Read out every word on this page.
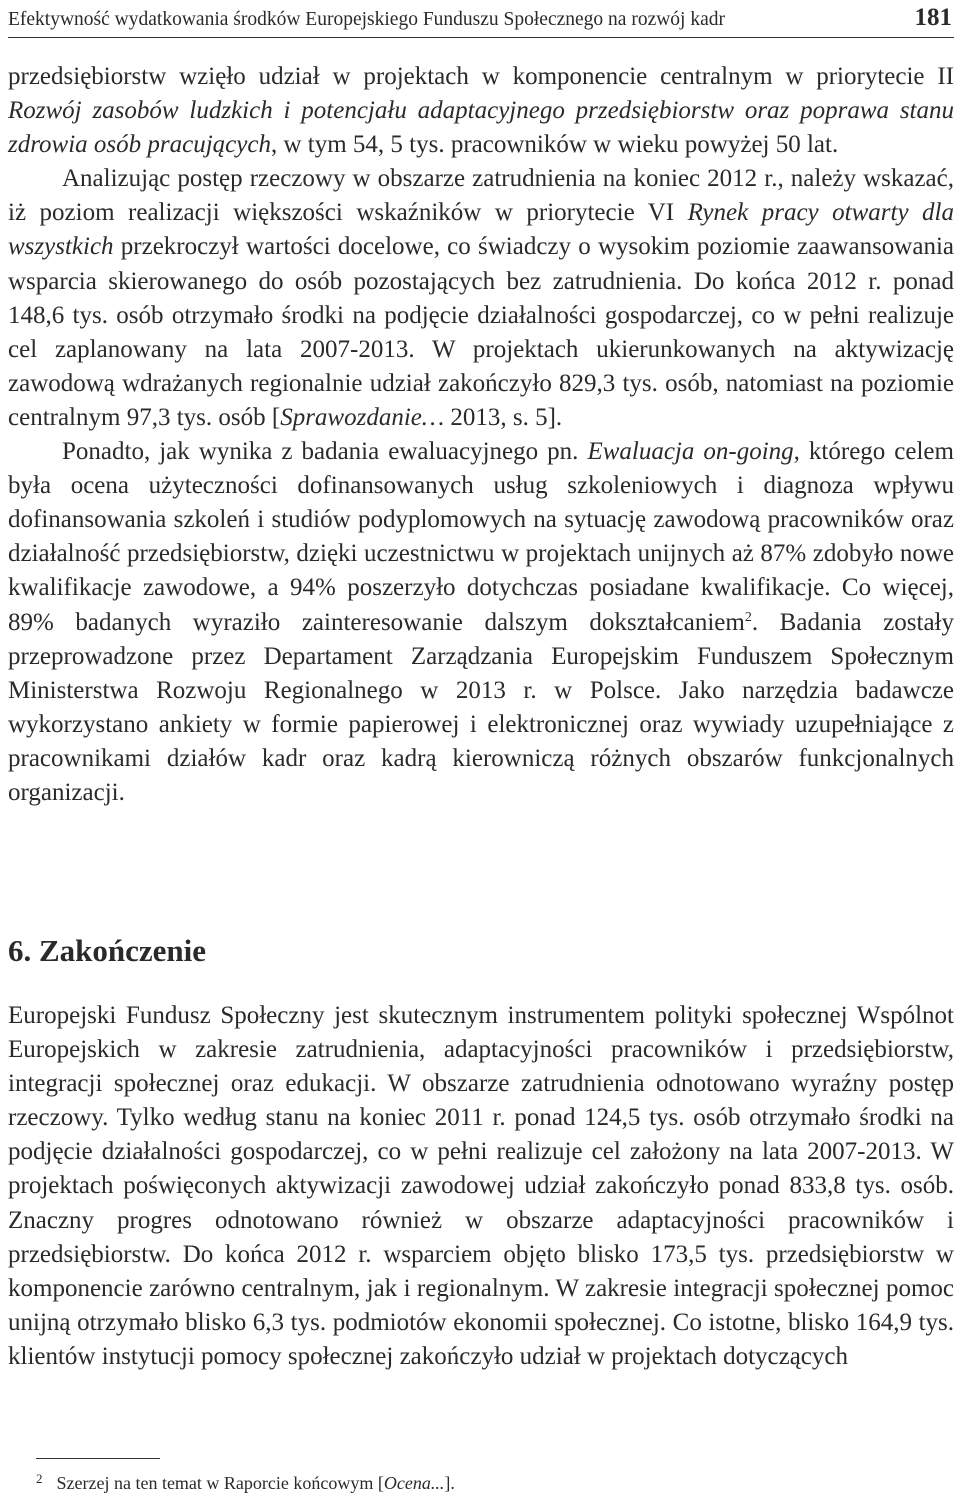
Efektywność wydatkowania środków Europejskiego Funduszu Społecznego na rozwój kadr	181

przedsiębiorstw wzięło udział w projektach w komponencie centralnym w priorytecie II Rozwój zasobów ludzkich i potencjału adaptacyjnego przedsiębiorstw oraz poprawa stanu zdrowia osób pracujących, w tym 54, 5 tys. pracowników w wieku powyżej 50 lat.

Analizując postęp rzeczowy w obszarze zatrudnienia na koniec 2012 r., należy wskazać, iż poziom realizacji większości wskaźników w priorytecie VI Rynek pracy otwarty dla wszystkich przekroczył wartości docelowe, co świadczy o wysokim poziomie zaawansowania wsparcia skierowanego do osób pozostających bez zatrudnienia. Do końca 2012 r. ponad 148,6 tys. osób otrzymało środki na podjęcie działalności gospodarczej, co w pełni realizuje cel zaplanowany na lata 2007-2013. W projektach ukierunkowanych na aktywizację zawodową wdrażanych regionalnie udział zakończyło 829,3 tys. osób, natomiast na poziomie centralnym 97,3 tys. osób [Sprawozdanie… 2013, s. 5].

Ponadto, jak wynika z badania ewaluacyjnego pn. Ewaluacja on-going, którego celem była ocena użyteczności dofinansowanych usług szkoleniowych i diagnoza wpływu dofinansowania szkoleń i studiów podyplomowych na sytuację zawodową pracowników oraz działalność przedsiębiorstw, dzięki uczestnictwu w projektach unijnych aż 87% zdobyło nowe kwalifikacje zawodowe, a 94% poszerzyło dotychczas posiadane kwalifikacje. Co więcej, 89% badanych wyraziło zainteresowanie dalszym dokształcaniem$^2$. Badania zostały przeprowadzone przez Departament Zarządzania Europejskim Funduszem Społecznym Ministerstwa Rozwoju Regionalnego w 2013 r. w Polsce. Jako narzędzia badawcze wykorzystano ankiety w formie papierowej i elektronicznej oraz wywiady uzupełniające z pracownikami działów kadr oraz kadrą kierowniczą różnych obszarów funkcjonalnych organizacji.

6. Zakończenie

Europejski Fundusz Społeczny jest skutecznym instrumentem polityki społecznej Wspólnot Europejskich w zakresie zatrudnienia, adaptacyjności pracowników i przedsiębiorstw, integracji społecznej oraz edukacji. W obszarze zatrudnienia odnotowano wyraźny postęp rzeczowy. Tylko według stanu na koniec 2011 r. ponad 124,5 tys. osób otrzymało środki na podjęcie działalności gospodarczej, co w pełni realizuje cel założony na lata 2007-2013. W projektach poświęconych aktywizacji zawodowej udział zakończyło ponad 833,8 tys. osób. Znaczny progres odnotowano również w obszarze adaptacyjności pracowników i przedsiębiorstw. Do końca 2012 r. wsparciem objęto blisko 173,5 tys. przedsiębiorstw w komponencie zarówno centralnym, jak i regionalnym. W zakresie integracji społecznej pomoc unijną otrzymało blisko 6,3 tys. podmiotów ekonomii społecznej. Co istotne, blisko 164,9 tys. klientów instytucji pomocy społecznej zakończyło udział w projektach dotyczących

$^2$ Szerzej na ten temat w Raporcie końcowym [Ocena...].
